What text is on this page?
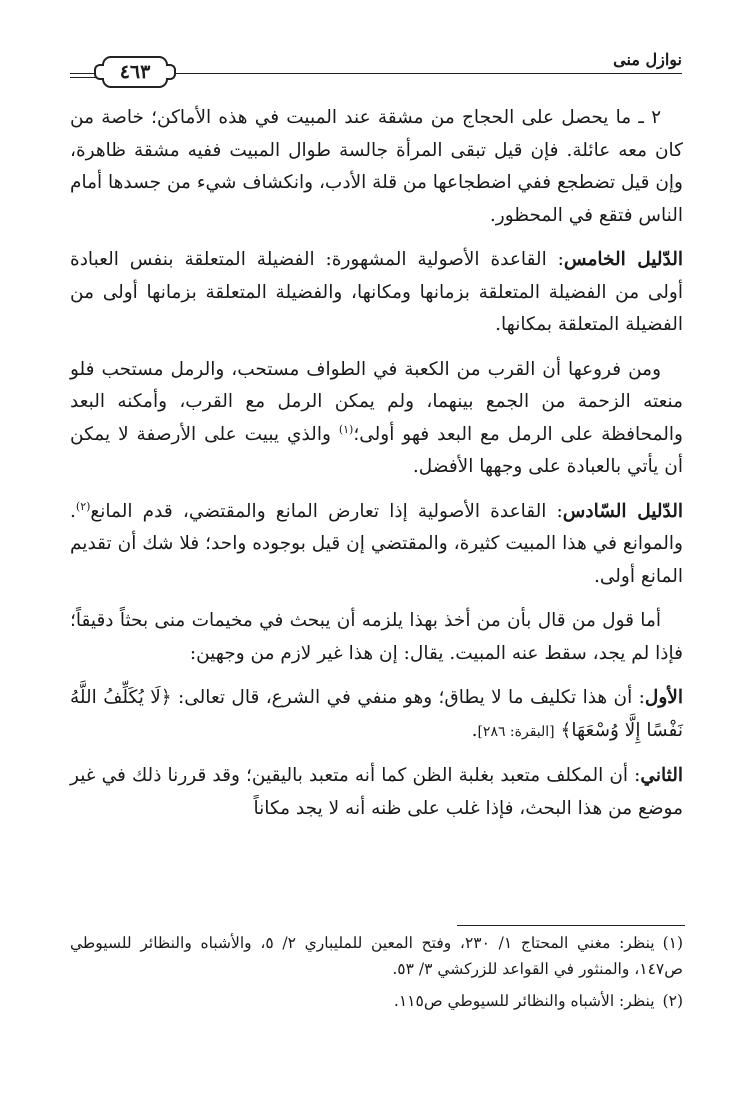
نوازل منى
٤٦٣

٢ ـ ما يحصل على الحجاج من مشقة عند المبيت في هذه الأماكن؛ خاصة من كان معه عائلة. فإن قيل تبقى المرأة جالسة طوال المبيت ففيه مشقة ظاهرة، وإن قيل تضطجع ففي اضطجاعها من قلة الأدب، وانكشاف شيء من جسدها أمام الناس فتقع في المحظور.

الدّليل الخامس: القاعدة الأصولية المشهورة: الفضيلة المتعلقة بنفس العبادة أولى من الفضيلة المتعلقة بزمانها ومكانها، والفضيلة المتعلقة بزمانها أولى من الفضيلة المتعلقة بمكانها.

ومن فروعها أن القرب من الكعبة في الطواف مستحب، والرمل مستحب فلو منعته الزحمة من الجمع بينهما، ولم يمكن الرمل مع القرب، وأمكنه البعد والمحافظة على الرمل مع البعد فهو أولى؛$^{(١)}$ والذي يبيت على الأرصفة لا يمكن أن يأتي بالعبادة على وجهها الأفضل.

الدّليل السّادس: القاعدة الأصولية إذا تعارض المانع والمقتضي، قدم المانع$^{(٢)}$. والموانع في هذا المبيت كثيرة، والمقتضي إن قيل بوجوده واحد؛ فلا شك أن تقديم المانع أولى.

أما قول من قال بأن من أخذ بهذا يلزمه أن يبحث في مخيمات منى بحثاً دقيقاً؛ فإذا لم يجد، سقط عنه المبيت. يقال: إن هذا غير لازم من وجهين:

الأول: أن هذا تكليف ما لا يطاق؛ وهو منفي في الشرع، قال تعالى: ﴿لَا يُكَلِّفُ اللَّهُ نَفْسًا إِلَّا وُسْعَهَا﴾ [البقرة: ٢٨٦].

الثاني: أن المكلف متعبد بغلبة الظن كما أنه متعبد باليقين؛ وقد قررنا ذلك في غير موضع من هذا البحث، فإذا غلب على ظنه أنه لا يجد مكاناً

(١)ينظر: مغني المحتاج ١/ ٢٣٠، وفتح المعين للمليباري ٢/ ٥، والأشباه والنظائر للسيوطي ص١٤٧، والمنثور في القواعد للزركشي ٣/ ٥٣.

(٢)ينظر: الأشباه والنظائر للسيوطي ص١١٥.
